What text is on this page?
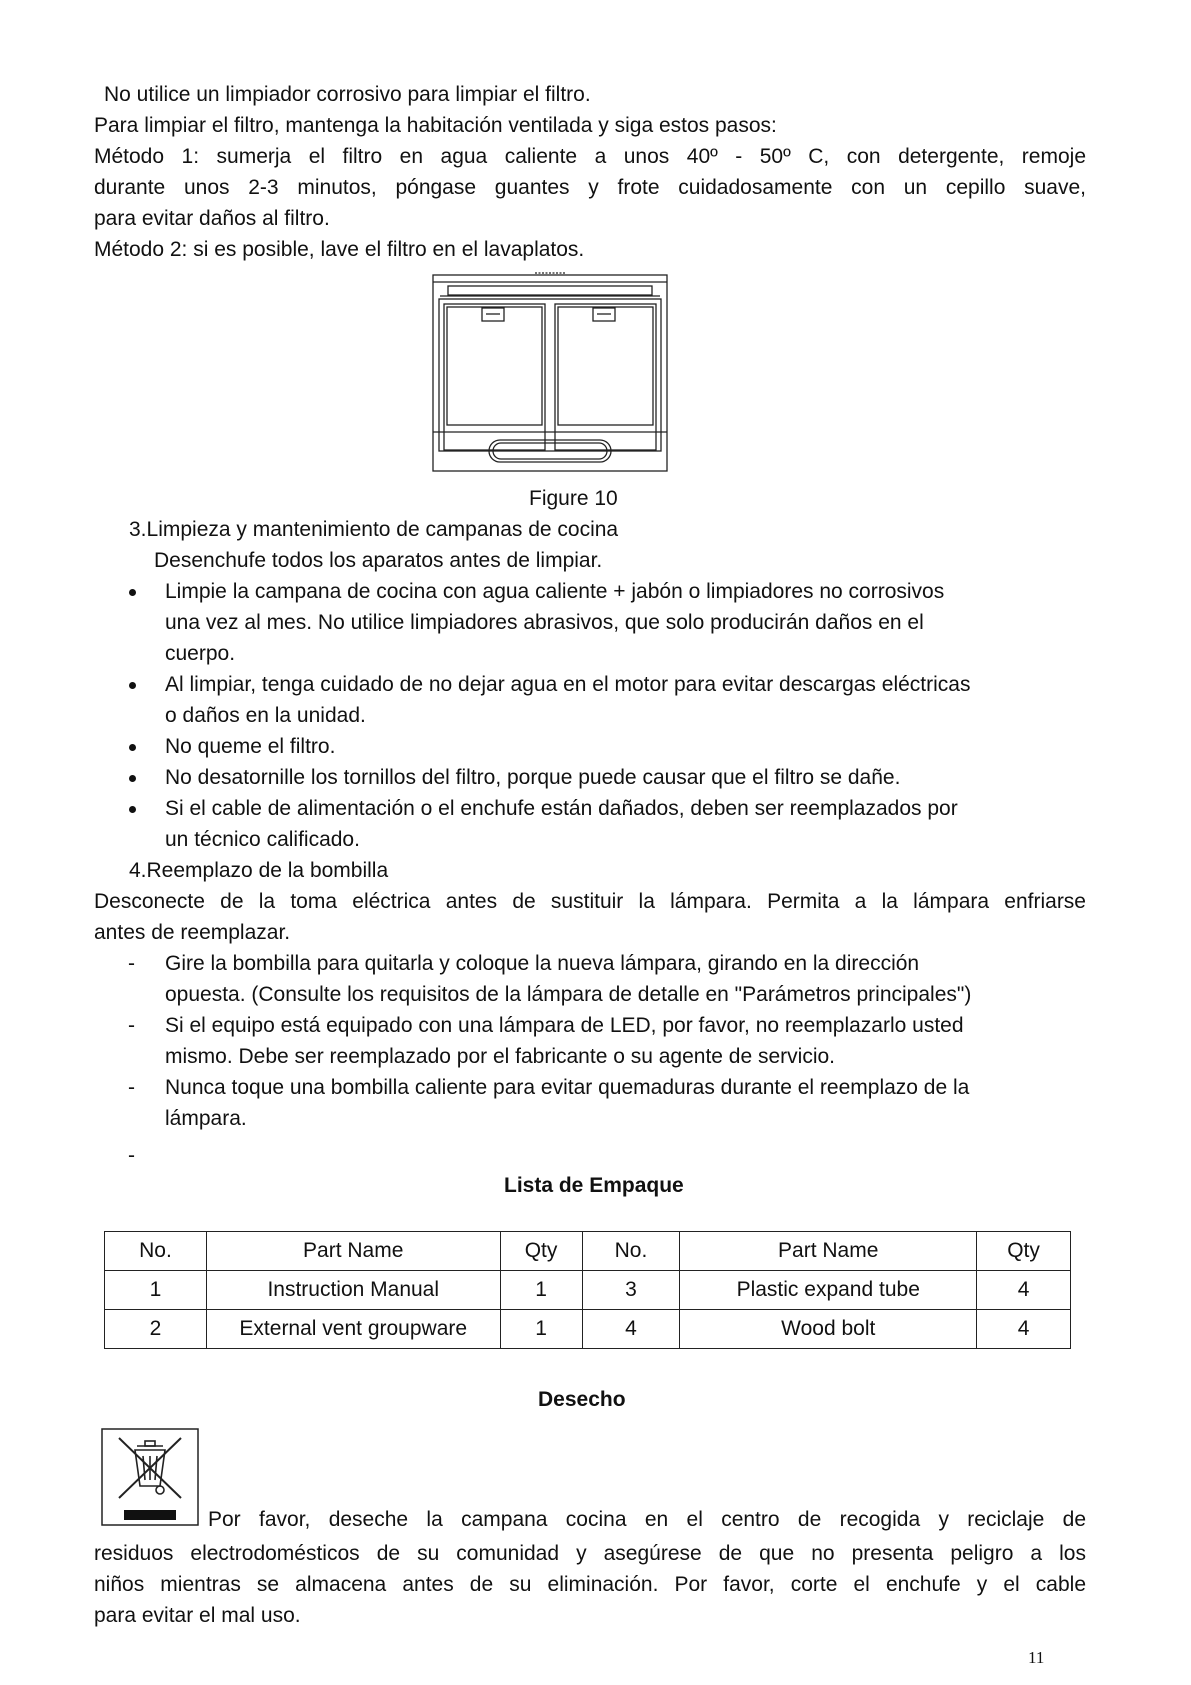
No utilice un limpiador corrosivo para limpiar el filtro.
Para limpiar el filtro, mantenga la habitación ventilada y siga estos pasos:
Método 1: sumerja el filtro en agua caliente a unos 40º - 50º C, con detergente, remoje
durante unos 2-3 minutos, póngase guantes y frote cuidadosamente con un cepillo suave,
para evitar daños al filtro.
Método 2: si es posible, lave el filtro en el lavaplatos.
Figure 10
3.Limpieza y mantenimiento de campanas de cocina
Desenchufe todos los aparatos antes de limpiar.
Limpie la campana de cocina con agua caliente + jabón o limpiadores no corrosivos
una vez al mes. No utilice limpiadores abrasivos, que solo producirán daños en el
cuerpo.
Al limpiar, tenga cuidado de no dejar agua en el motor para evitar descargas eléctricas
o daños en la unidad.
No queme el filtro.
No desatornille los tornillos del filtro, porque puede causar que el filtro se dañe.
Si el cable de alimentación o el enchufe están dañados, deben ser reemplazados por
un técnico calificado.
4.Reemplazo de la bombilla
Desconecte de la toma eléctrica antes de sustituir la lámpara. Permita a la lámpara enfriarse
antes de reemplazar.
- Gire la bombilla para quitarla y coloque la nueva lámpara, girando en la dirección
opuesta. (Consulte los requisitos de la lámpara de detalle en "Parámetros principales")
- Si el equipo está equipado con una lámpara de LED, por favor, no reemplazarlo usted
mismo. Debe ser reemplazado por el fabricante o su agente de servicio.
- Nunca toque una bombilla caliente para evitar quemaduras durante el reemplazo de la
lámpara.
-
Lista de Empaque
No.	Part Name	Qty	No.	Part Name	Qty
1	Instruction Manual	1	3	Plastic expand tube	4
2	External vent groupware	1	4	Wood bolt	4
Desecho
Por favor, deseche la campana cocina en el centro de recogida y reciclaje de
residuos electrodomésticos de su comunidad y asegúrese de que no presenta peligro a los
niños mientras se almacena antes de su eliminación. Por favor, corte el enchufe y el cable
para evitar el mal uso.
11
